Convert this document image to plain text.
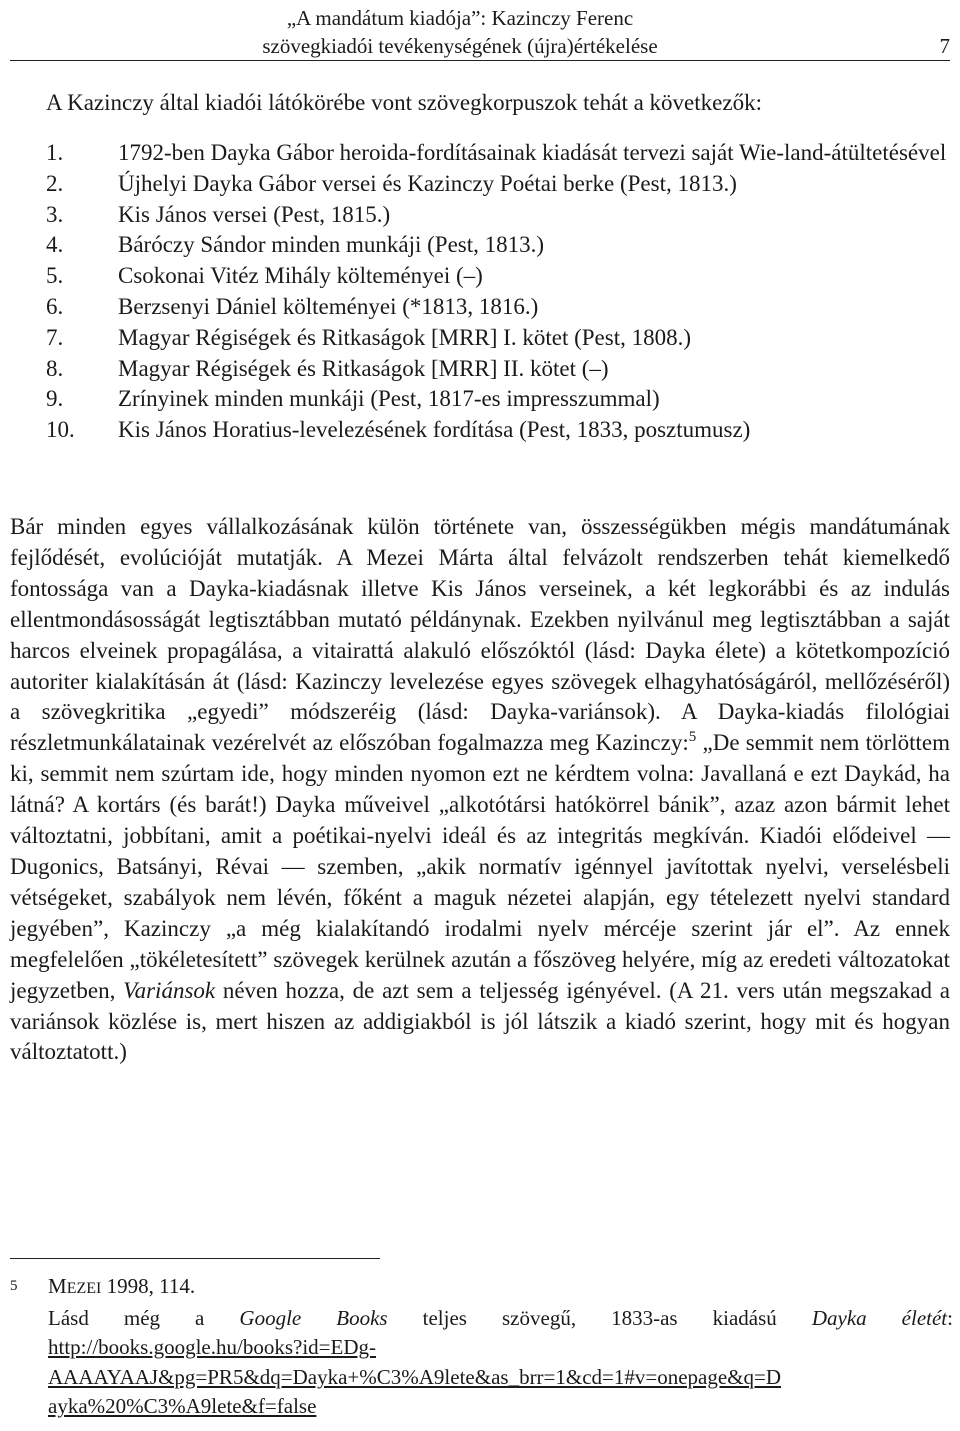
„A mandátum kiadója”: Kazinczy Ferenc
szövegkiadói tevékenységének (újra)értékelése	7
A Kazinczy által kiadói látókörébe vont szövegkorpuszok tehát a következők:
1. 1792-ben Dayka Gábor heroida-fordításainak kiadását tervezi saját Wie-land-átültetésével
2. Újhelyi Dayka Gábor versei és Kazinczy Poétai berke (Pest, 1813.)
3. Kis János versei (Pest, 1815.)
4. Báróczy Sándor minden munkáji (Pest, 1813.)
5. Csokonai Vitéz Mihály költeményei (–)
6. Berzsenyi Dániel költeményei (*1813, 1816.)
7. Magyar Régiségek és Ritkaságok [MRR] I. kötet (Pest, 1808.)
8. Magyar Régiségek és Ritkaságok [MRR] II. kötet (–)
9. Zrínyinek minden munkáji (Pest, 1817-es impresszummal)
10. Kis János Horatius-levelezésének fordítása (Pest, 1833, posztumusz)

Bár minden egyes vállalkozásának külön története van, összességükben mégis mandátumának fejlődését, evolúcióját mutatják. A Mezei Márta által felvázolt rendszerben tehát kiemelkedő fontossága van a Dayka-kiadásnak illetve Kis János verseinek, a két legkorábbi és az indulás ellentmondásosságát legtisztábban mutató példánynak. Ezekben nyilvánul meg legtisztábban a saját harcos elveinek propagálása, a vitairattá alakuló előszóktól (lásd: Dayka élete) a kötetkompozíció autoriter kialakításán át (lásd: Kazinczy levelezése egyes szövegek elhagyhatóságáról, mellőzéséről) a szövegkritika „egyedi” módszeréig (lásd: Dayka-variánsok). A Dayka-kiadás filológiai részletmunkálatainak vezérelvét az előszóban fogalmazza meg Kazinczy:$^5$ „De semmit nem törlöttem ki, semmit nem szúrtam ide, hogy minden nyomon ezt ne kérdtem volna: Javallaná e ezt Daykád, ha látná? A kortárs (és barát!) Dayka műveivel „alkotótársi hatókörrel bánik”, azaz azon bármit lehet változtatni, jobbítani, amit a poétikai-nyelvi ideál és az integritás megkíván. Kiadói elődeivel ― Dugonics, Batsányi, Révai ― szemben, „akik normatív igénnyel javítottak nyelvi, verselésbeli vétségeket, szabályok nem lévén, főként a maguk nézetei alapján, egy tételezett nyelvi standard jegyében”, Kazinczy „a még kialakítandó irodalmi nyelv mércéje szerint jár el”. Az ennek megfelelően „tökéletesített” szövegek kerülnek azután a főszöveg helyére, míg az eredeti változatokat jegyzetben, Variánsok néven hozza, de azt sem a teljesség igényével. (A 21. vers után megszakad a variánsok közlése is, mert hiszen az addigiakból is jól látszik a kiadó szerint, hogy mit és hogyan változtatott.)

5 MEZEI 1998, 114.
Lásd még a Google Books teljes szövegű, 1833-as kiadású Dayka életét:
http://books.google.hu/books?id=EDg-
AAAAYAAJ&pg=PR5&dq=Dayka+%C3%A9lete&as_brr=1&cd=1#v=onepage&q=D
ayka%20%C3%A9lete&f=false
